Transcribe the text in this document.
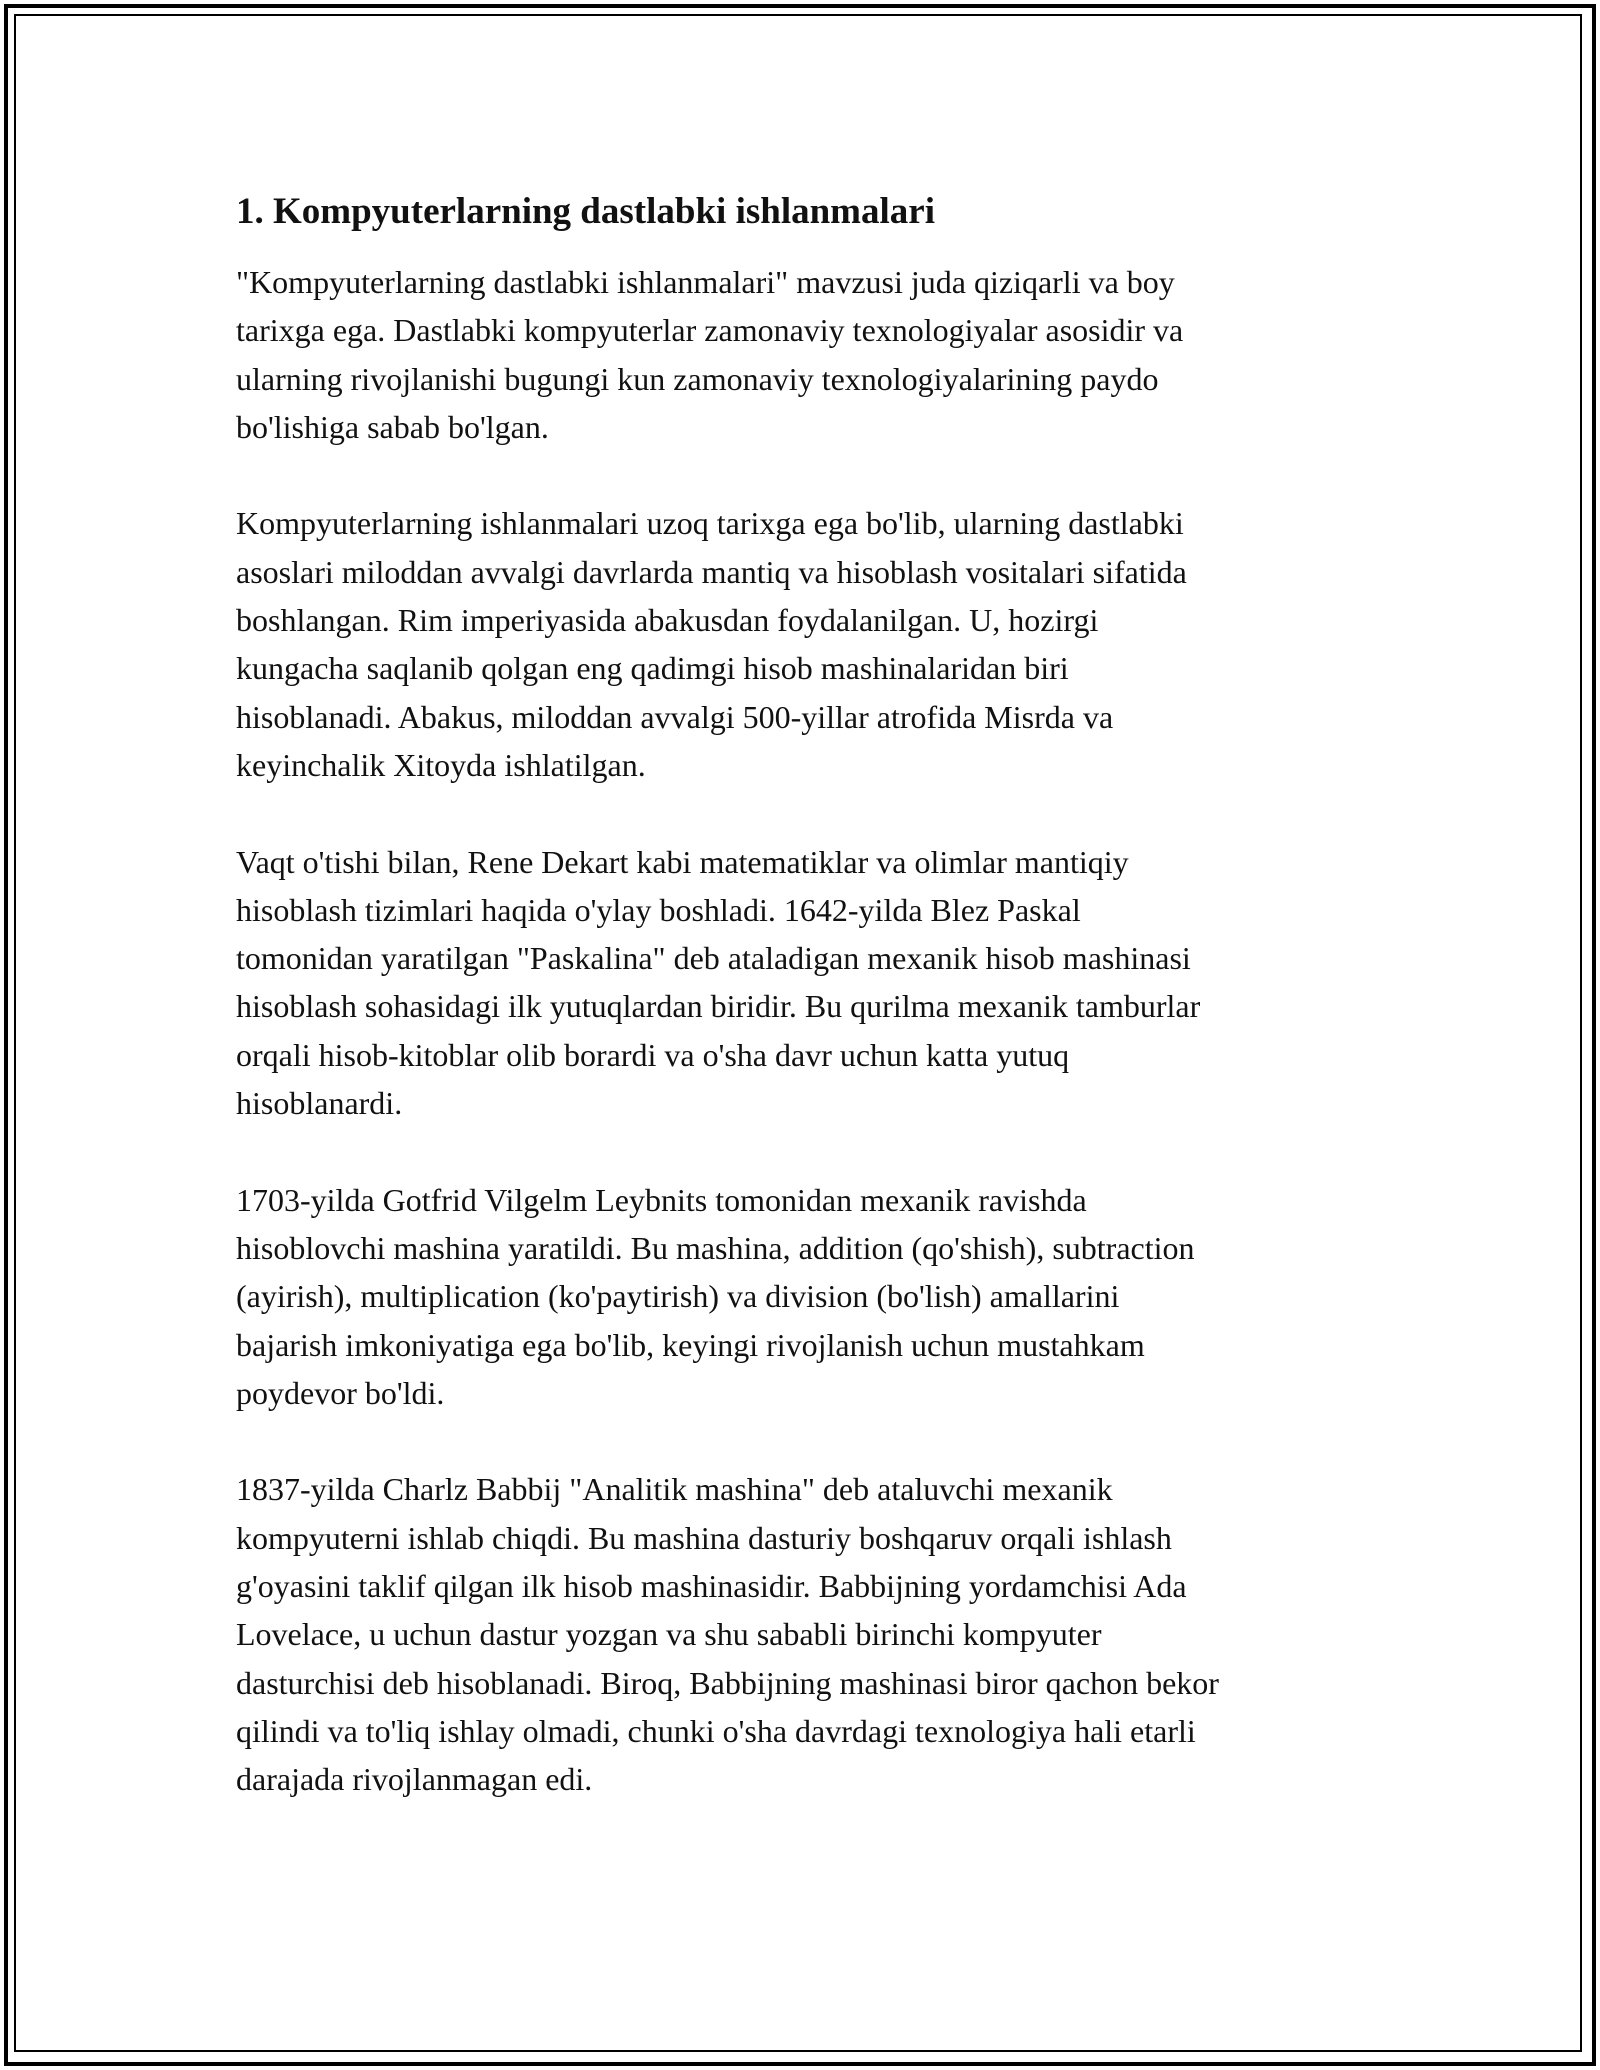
1. Kompyuterlarning dastlabki ishlanmalari

"Kompyuterlarning dastlabki ishlanmalari" mavzusi juda qiziqarli va boy
tarixga ega. Dastlabki kompyuterlar zamonaviy texnologiyalar asosidir va
ularning rivojlanishi bugungi kun zamonaviy texnologiyalarining paydo
bo'lishiga sabab bo'lgan.

Kompyuterlarning ishlanmalari uzoq tarixga ega bo'lib, ularning dastlabki
asoslari miloddan avvalgi davrlarda mantiq va hisoblash vositalari sifatida
boshlangan. Rim imperiyasida abakusdan foydalanilgan. U, hozirgi
kungacha saqlanib qolgan eng qadimgi hisob mashinalaridan biri
hisoblanadi. Abakus, miloddan avvalgi 500-yillar atrofida Misrda va
keyinchalik Xitoyda ishlatilgan.

Vaqt o'tishi bilan, Rene Dekart kabi matematiklar va olimlar mantiqiy
hisoblash tizimlari haqida o'ylay boshladi. 1642-yilda Blez Paskal
tomonidan yaratilgan "Paskalina" deb ataladigan mexanik hisob mashinasi
hisoblash sohasidagi ilk yutuqlardan biridir. Bu qurilma mexanik tamburlar
orqali hisob-kitoblar olib borardi va o'sha davr uchun katta yutuq
hisoblanardi.

1703-yilda Gotfrid Vilgelm Leybnits tomonidan mexanik ravishda
hisoblovchi mashina yaratildi. Bu mashina, addition (qo'shish), subtraction
(ayirish), multiplication (ko'paytirish) va division (bo'lish) amallarini
bajarish imkoniyatiga ega bo'lib, keyingi rivojlanish uchun mustahkam
poydevor bo'ldi.

1837-yilda Charlz Babbij "Analitik mashina" deb ataluvchi mexanik
kompyuterni ishlab chiqdi. Bu mashina dasturiy boshqaruv orqali ishlash
g'oyasini taklif qilgan ilk hisob mashinasidir. Babbijning yordamchisi Ada
Lovelace, u uchun dastur yozgan va shu sababli birinchi kompyuter
dasturchisi deb hisoblanadi. Biroq, Babbijning mashinasi biror qachon bekor
qilindi va to'liq ishlay olmadi, chunki o'sha davrdagi texnologiya hali etarli
darajada rivojlanmagan edi.
